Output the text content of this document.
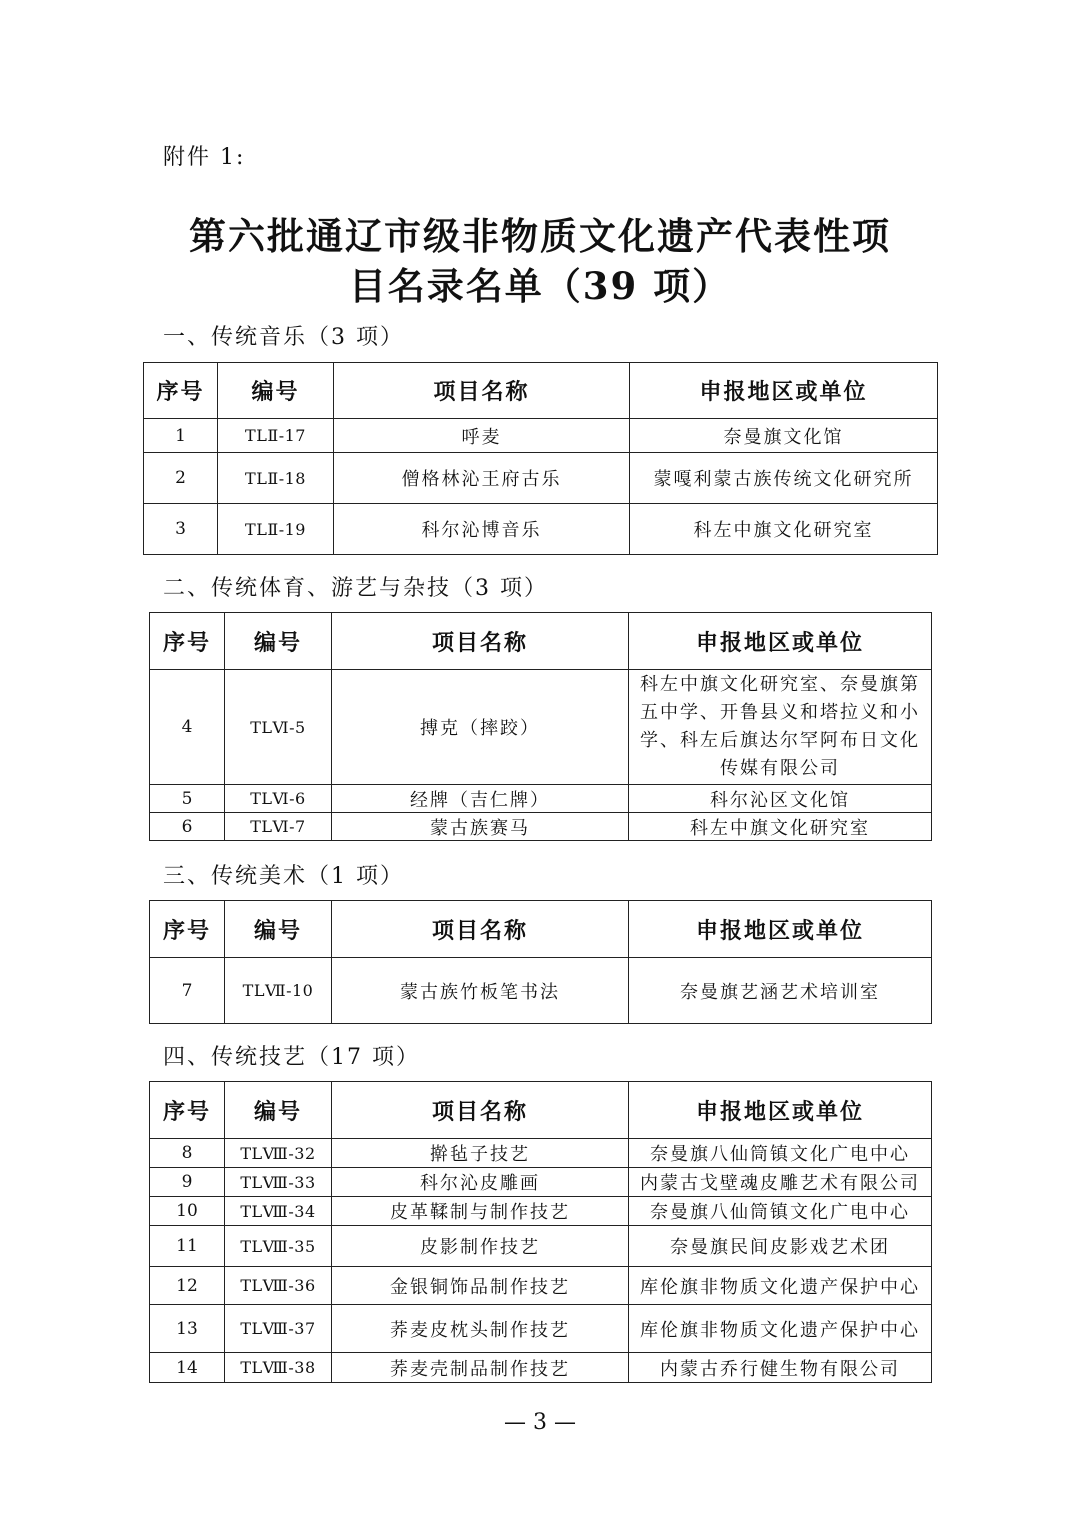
附件 1:
第六批通辽市级非物质文化遗产代表性项
目名录名单（39 项）
一、传统音乐（3 项）
序号	编号	项目名称	申报地区或单位
1	TLⅡ-17	呼麦	奈曼旗文化馆
2	TLⅡ-18	僧格林沁王府古乐	蒙嘎利蒙古族传统文化研究所
3	TLⅡ-19	科尔沁博音乐	科左中旗文化研究室
二、传统体育、游艺与杂技（3 项）
序号	编号	项目名称	申报地区或单位
4	TLⅥ-5	搏克（摔跤）	科左中旗文化研究室、奈曼旗第五中学、开鲁县义和塔拉义和小学、科左后旗达尔罕阿布日文化传媒有限公司
5	TLⅥ-6	经牌（吉仁牌）	科尔沁区文化馆
6	TLⅥ-7	蒙古族赛马	科左中旗文化研究室
三、传统美术（1 项）
序号	编号	项目名称	申报地区或单位
7	TLⅦ-10	蒙古族竹板笔书法	奈曼旗艺涵艺术培训室
四、传统技艺（17 项）
序号	编号	项目名称	申报地区或单位
8	TLⅧ-32	擀毡子技艺	奈曼旗八仙筒镇文化广电中心
9	TLⅧ-33	科尔沁皮雕画	内蒙古戈壁魂皮雕艺术有限公司
10	TLⅧ-34	皮革鞣制与制作技艺	奈曼旗八仙筒镇文化广电中心
11	TLⅧ-35	皮影制作技艺	奈曼旗民间皮影戏艺术团
12	TLⅧ-36	金银铜饰品制作技艺	库伦旗非物质文化遗产保护中心
13	TLⅧ-37	荞麦皮枕头制作技艺	库伦旗非物质文化遗产保护中心
14	TLⅧ-38	荞麦壳制品制作技艺	内蒙古乔行健生物有限公司
— 3 —
